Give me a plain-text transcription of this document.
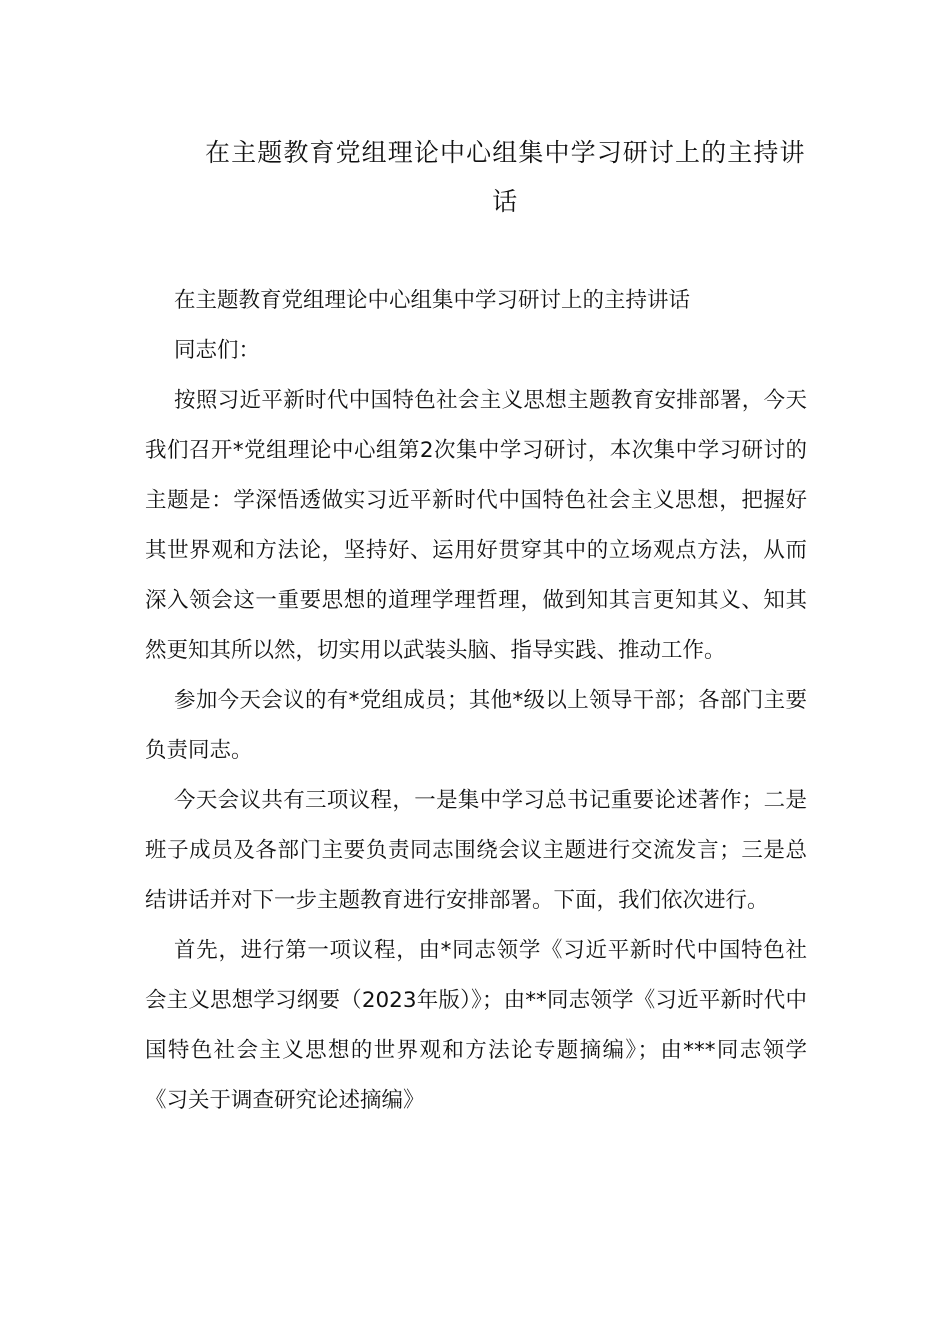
在主题教育党组理论中心组集中学习研讨上的主持讲话

在主题教育党组理论中心组集中学习研讨上的主持讲话

同志们：

按照习近平新时代中国特色社会主义思想主题教育安排部署，今天我们召开*党组理论中心组第2次集中学习研讨，本次集中学习研讨的主题是：学深悟透做实习近平新时代中国特色社会主义思想，把握好其世界观和方法论，坚持好、运用好贯穿其中的立场观点方法，从而深入领会这一重要思想的道理学理哲理，做到知其言更知其义、知其然更知其所以然，切实用以武装头脑、指导实践、推动工作。

参加今天会议的有*党组成员；其他*级以上领导干部；各部门主要负责同志。

今天会议共有三项议程，一是集中学习总书记重要论述著作；二是班子成员及各部门主要负责同志围绕会议主题进行交流发言；三是总结讲话并对下一步主题教育进行安排部署。下面，我们依次进行。

首先，进行第一项议程，由*同志领学《习近平新时代中国特色社会主义思想学习纲要（2023年版）》；由**同志领学《习近平新时代中国特色社会主义思想的世界观和方法论专题摘编》；由***同志领学《习关于调查研究论述摘编》
